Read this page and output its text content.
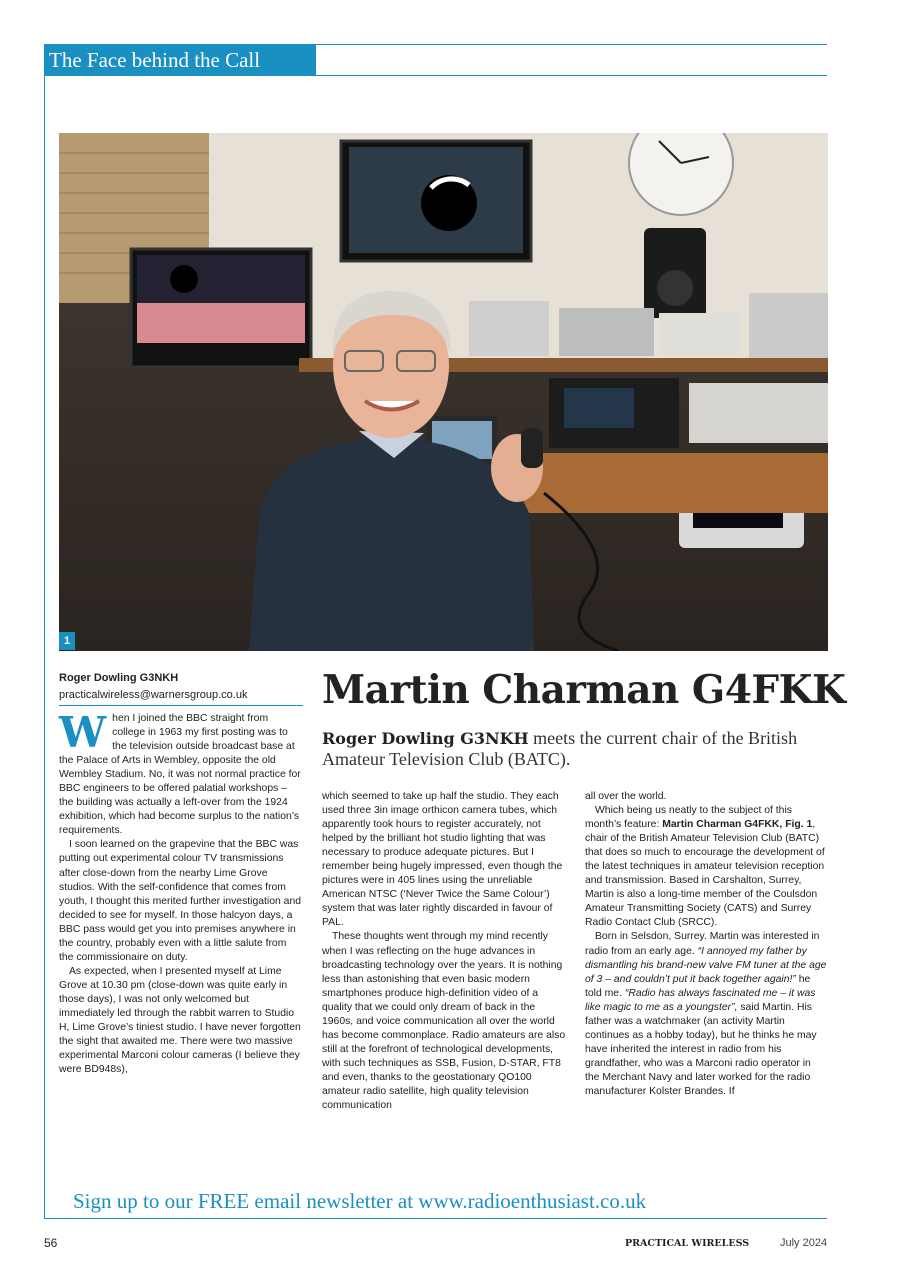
The Face behind the Call
1
Roger Dowling G3NKH
practicalwireless@warnersgroup.co.uk Martin Charman G4FKK
Roger Dowling G3NKH meets the current chair of the British Amateur Television Club (BATC).

When I joined the BBC straight from college in 1963 my first posting was to the television outside broadcast base at the Palace of Arts in Wembley, opposite the old Wembley Stadium. No, it was not normal practice for BBC engineers to be offered palatial workshops – the building was actually a left-over from the 1924 exhibition, which had become surplus to the nation’s requirements.

I soon learned on the grapevine that the BBC was putting out experimental colour TV transmissions after close-down from the nearby Lime Grove studios. With the self-confidence that comes from youth, I thought this merited further investigation and decided to see for myself. In those halcyon days, a BBC pass would get you into premises anywhere in the country, probably even with a little salute from the commissionaire on duty.

As expected, when I presented myself at Lime Grove at 10.30 pm (close-down was quite early in those days), I was not only welcomed but immediately led through the rabbit warren to Studio H, Lime Grove’s tiniest studio. I have never forgotten the sight that awaited me. There were two massive experimental Marconi colour cameras (I believe they were BD948s),

which seemed to take up half the studio. They each used three 3in image orthicon camera tubes, which apparently took hours to register accurately, not helped by the brilliant hot studio lighting that was necessary to produce adequate pictures. But I remember being hugely impressed, even though the pictures were in 405 lines using the unreliable American NTSC (‘Never Twice the Same Colour’) system that was later rightly discarded in favour of PAL.

These thoughts went through my mind recently when I was reflecting on the huge advances in broadcasting technology over the years. It is nothing less than astonishing that even basic modern smartphones produce high-definition video of a quality that we could only dream of back in the 1960s, and voice communication all over the world has become commonplace. Radio amateurs are also still at the forefront of technological developments, with such techniques as SSB, Fusion, D-STAR, FT8 and even, thanks to the geostationary QO100 amateur radio satellite, high quality television communication

all over the world.

Which being us neatly to the subject of this month’s feature: Martin Charman G4FKK, Fig. 1, chair of the British Amateur Television Club (BATC) that does so much to encourage the development of the latest techniques in amateur television reception and transmission. Based in Carshalton, Surrey, Martin is also a long-time member of the Coulsdon Amateur Transmitting Society (CATS) and Surrey Radio Contact Club (SRCC).

Born in Selsdon, Surrey. Martin was interested in radio from an early age. “I annoyed my father by dismantling his brand-new valve FM tuner at the age of 3 – and couldn’t put it back together again!” he told me. “Radio has always fascinated me – it was like magic to me as a youngster”, said Martin. His father was a watchmaker (an activity Martin continues as a hobby today), but he thinks he may have inherited the interest in radio from his grandfather, who was a Marconi radio operator in the Merchant Navy and later worked for the radio manufacturer Kolster Brandes. If

Sign up to our FREE email newsletter at www.radioenthusiast.co.uk
56	PRACTICAL WIRELESS	July 2024
